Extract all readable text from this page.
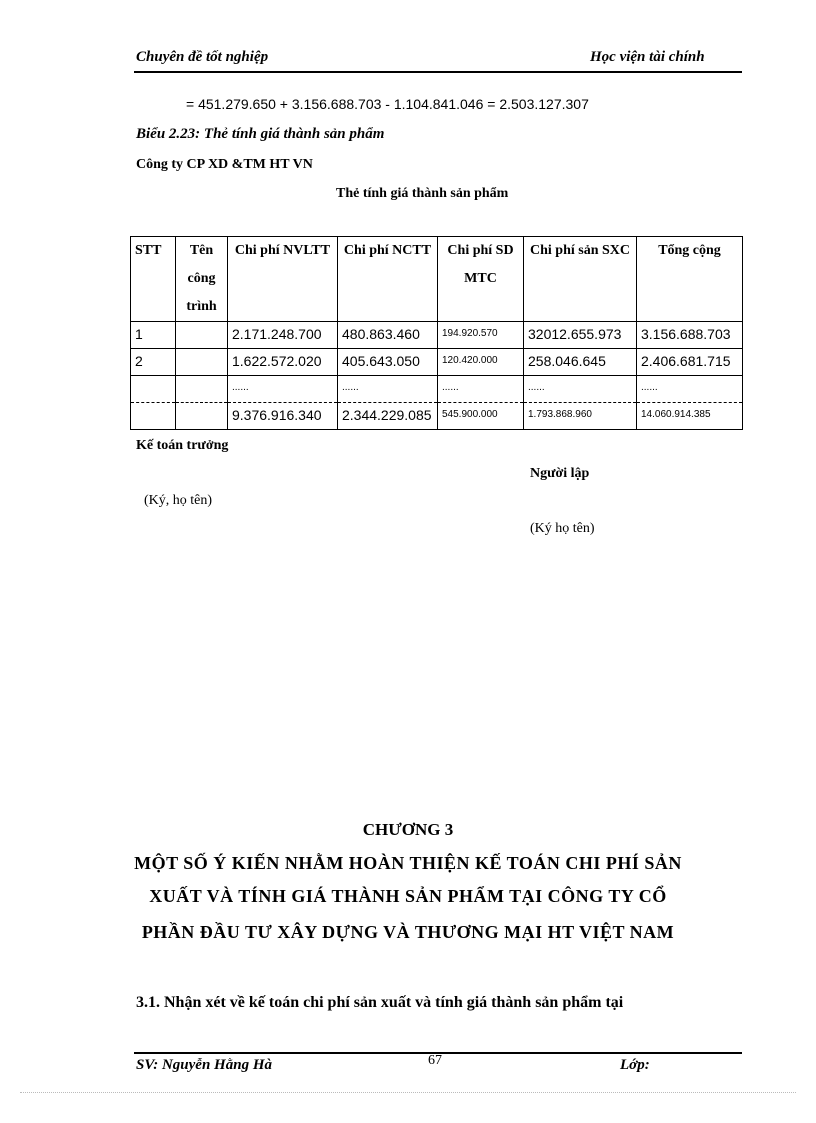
Chuyên đề tốt nghiệp	Học viện tài chính
= 451.279.650 + 3.156.688.703 - 1.104.841.046 = 2.503.127.307
Biểu 2.23: Thẻ tính giá thành sản phẩm
Công ty CP XD &TM HT VN
Thẻ tính giá thành sản phẩm
STT	Tên công trình	Chi phí NVLTT	Chi phí NCTT	Chi phí SD MTC	Chi phí sản SXC	Tổng cộng
1		2.171.248.700	480.863.460	194.920.570	32012.655.973	3.156.688.703
2		1.622.572.020	405.643.050	120.420.000	258.046.645	2.406.681.715
		......	......	......	......	......
		9.376.916.340	2.344.229.085	545.900.000	1.793.868.960	14.060.914.385
Kế toán trưởng
Người lập
(Ký, họ tên)
(Ký họ tên)
CHƯƠNG 3
MỘT SỐ Ý KIẾN NHẰM HOÀN THIỆN KẾ TOÁN CHI PHÍ SẢN
XUẤT VÀ TÍNH GIÁ THÀNH SẢN PHẨM TẠI CÔNG TY CỔ
PHẦN ĐẦU TƯ XÂY DỰNG VÀ THƯƠNG MẠI HT VIỆT NAM
3.1. Nhận xét về kế toán chi phí sản xuất và tính giá thành sản phẩm tại
SV: Nguyễn Hằng Hà	67	Lớp:
